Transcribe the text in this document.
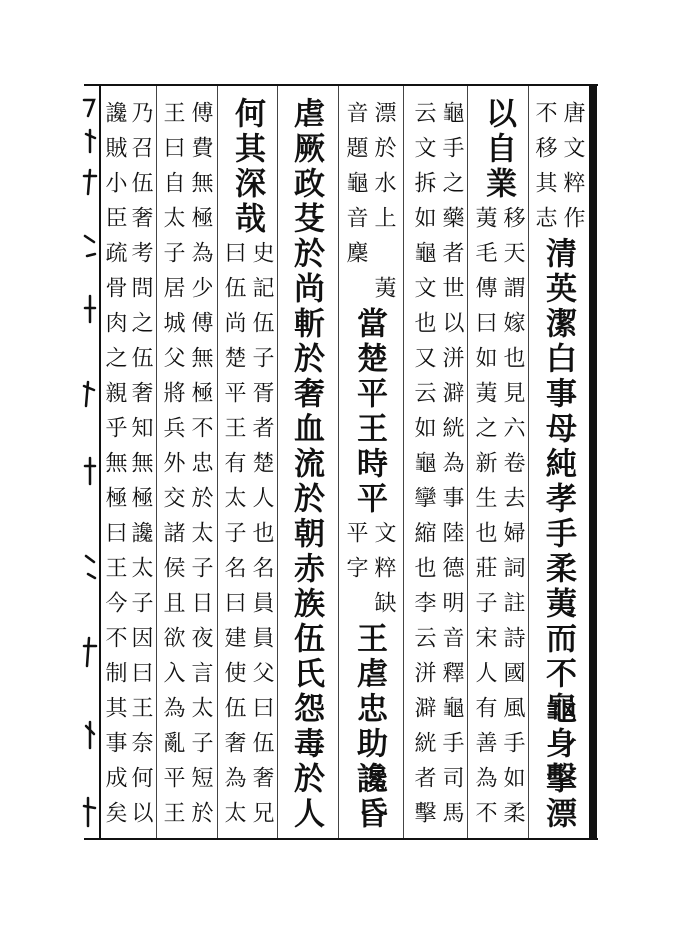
唐文粹作
不移其志
清英潔白事母純孝手柔荑而不龜身擊漂
以自業
移天謂嫁也見六卷去婦詞註詩國風手如柔
荑毛傳曰如荑之新生也莊子宋人有善為不
龜手之藥者世以洴澼絖為事陸德明音釋龜手司馬
云文拆如龜文也又云如龜攣縮也李云洴澼絖者擊
漂於水上　荑
音題龜音麇
當楚平王時平
文粹缺
平字
王虐忠助讒昏
虐厥政芟於尚斬於奢血流於朝赤族伍氏怨毒於人
何其深哉
史記伍子胥者楚人也名員員父曰伍奢兄
曰伍尚楚平王有太子名曰建使伍奢為太
傅費無極為少傅無極不忠於太子日夜言太子短於
王曰自太子居城父將兵外交諸侯且欲入為亂平王
乃召伍奢考問之伍奢知無極讒太子因曰王奈何以
讒賊小臣疏骨肉之親乎無極曰王今不制其事成矣
